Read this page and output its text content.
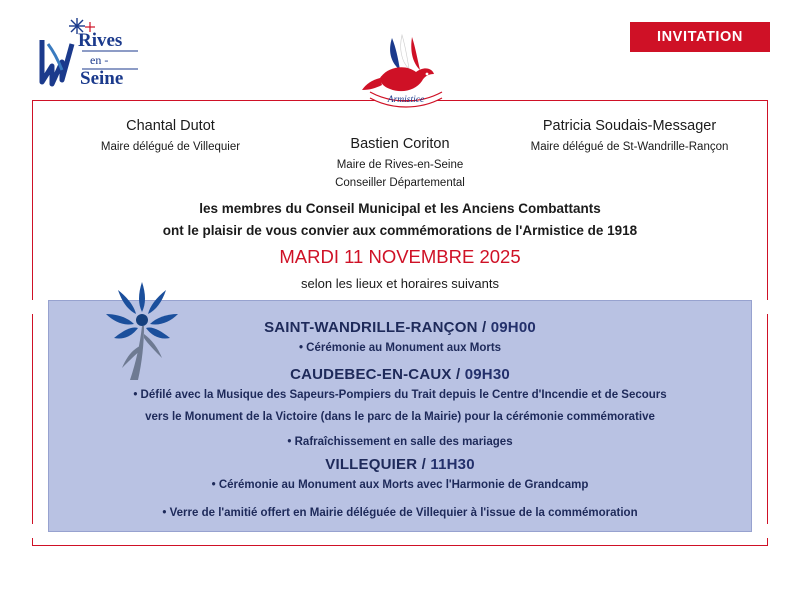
Rives
en -
Seine
INVITATION
Armistice
Chantal Dutot
Maire délégué de Villequier	Bastien Coriton
Maire de Rives-en-Seine
Conseiller Départemental
Patricia Soudais-Messager
Maire délégué de St-Wandrille-Rançon
les membres du Conseil Municipal et les Anciens Combattants
ont le plaisir de vous convier aux commémorations de l'Armistice de 1918
MARDI 11 NOVEMBRE 2025
selon les lieux et horaires suivants
SAINT-WANDRILLE-RANÇON / 09H00
• Cérémonie au Monument aux Morts
CAUDEBEC-EN-CAUX / 09H30
• Défilé avec la Musique des Sapeurs-Pompiers du Trait depuis le Centre d'Incendie et de Secours
vers le Monument de la Victoire (dans le parc de la Mairie) pour la cérémonie commémorative
• Rafraîchissement en salle des mariages
VILLEQUIER / 11H30
• Cérémonie au Monument aux Morts avec l'Harmonie de Grandcamp
• Verre de l'amitié offert en Mairie déléguée de Villequier à l'issue de la commémoration
